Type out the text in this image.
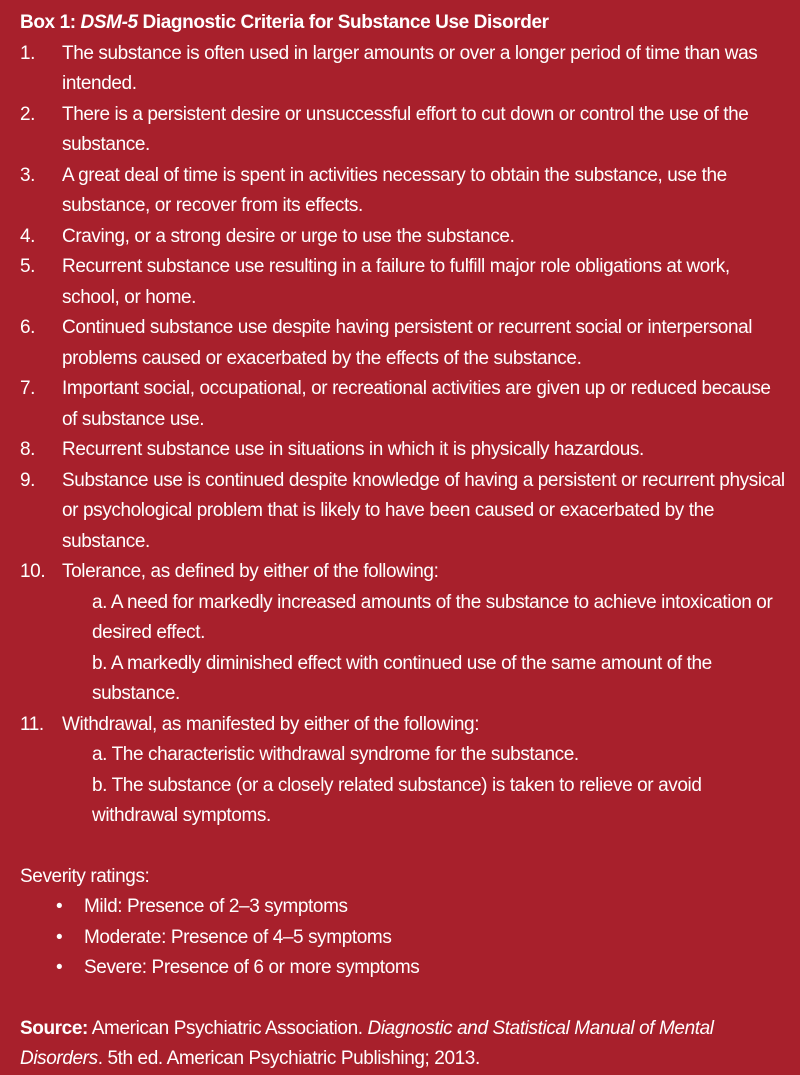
Box 1: DSM-5 Diagnostic Criteria for Substance Use Disorder

1.	The substance is often used in larger amounts or over a longer period of time than was intended.
2.	There is a persistent desire or unsuccessful effort to cut down or control the use of the substance.
3.	A great deal of time is spent in activities necessary to obtain the substance, use the substance, or recover from its effects.
4.	Craving, or a strong desire or urge to use the substance.
5.	Recurrent substance use resulting in a failure to fulfill major role obligations at work, school, or home.
6.	Continued substance use despite having persistent or recurrent social or interpersonal problems caused or exacerbated by the effects of the substance.
7.	Important social, occupational, or recreational activities are given up or reduced because of substance use.
8.	Recurrent substance use in situations in which it is physically hazardous.
9.	Substance use is continued despite knowledge of having a persistent or recurrent physical or psychological problem that is likely to have been caused or exacerbated by the substance.
10. Tolerance, as defined by either of the following:
a. A need for markedly increased amounts of the substance to achieve intoxication or desired effect.
b. A markedly diminished effect with continued use of the same amount of the substance.
11. Withdrawal, as manifested by either of the following:
a. The characteristic withdrawal syndrome for the substance.
b. The substance (or a closely related substance) is taken to relieve or avoid withdrawal symptoms.

Severity ratings:

•	Mild: Presence of 2–3 symptoms
•	Moderate: Presence of 4–5 symptoms
•	Severe: Presence of 6 or more symptoms

Source: American Psychiatric Association. Diagnostic and Statistical Manual of Mental Disorders. 5th ed. American Psychiatric Publishing; 2013.
